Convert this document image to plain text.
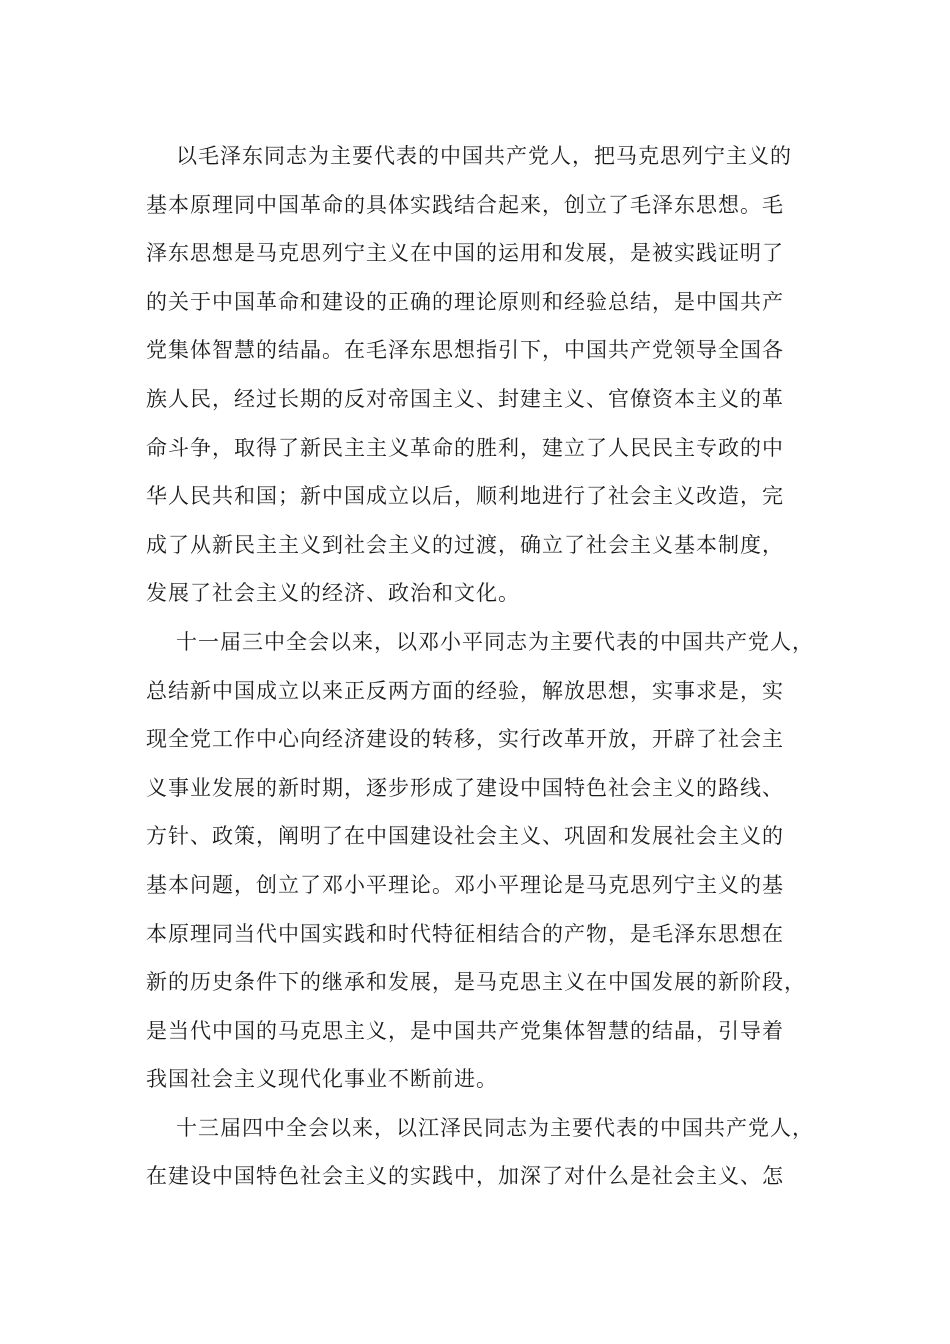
以毛泽东同志为主要代表的中国共产党人，把马克思列宁主义的
基本原理同中国革命的具体实践结合起来，创立了毛泽东思想。毛
泽东思想是马克思列宁主义在中国的运用和发展，是被实践证明了
的关于中国革命和建设的正确的理论原则和经验总结，是中国共产
党集体智慧的结晶。在毛泽东思想指引下，中国共产党领导全国各
族人民，经过长期的反对帝国主义、封建主义、官僚资本主义的革
命斗争，取得了新民主主义革命的胜利，建立了人民民主专政的中
华人民共和国；新中国成立以后，顺利地进行了社会主义改造，完
成了从新民主主义到社会主义的过渡，确立了社会主义基本制度，
发展了社会主义的经济、政治和文化。
十一届三中全会以来，以邓小平同志为主要代表的中国共产党人，
总结新中国成立以来正反两方面的经验，解放思想，实事求是，实
现全党工作中心向经济建设的转移，实行改革开放，开辟了社会主
义事业发展的新时期，逐步形成了建设中国特色社会主义的路线、
方针、政策，阐明了在中国建设社会主义、巩固和发展社会主义的
基本问题，创立了邓小平理论。邓小平理论是马克思列宁主义的基
本原理同当代中国实践和时代特征相结合的产物，是毛泽东思想在
新的历史条件下的继承和发展，是马克思主义在中国发展的新阶段，
是当代中国的马克思主义，是中国共产党集体智慧的结晶，引导着
我国社会主义现代化事业不断前进。
十三届四中全会以来，以江泽民同志为主要代表的中国共产党人，
在建设中国特色社会主义的实践中，加深了对什么是社会主义、怎
